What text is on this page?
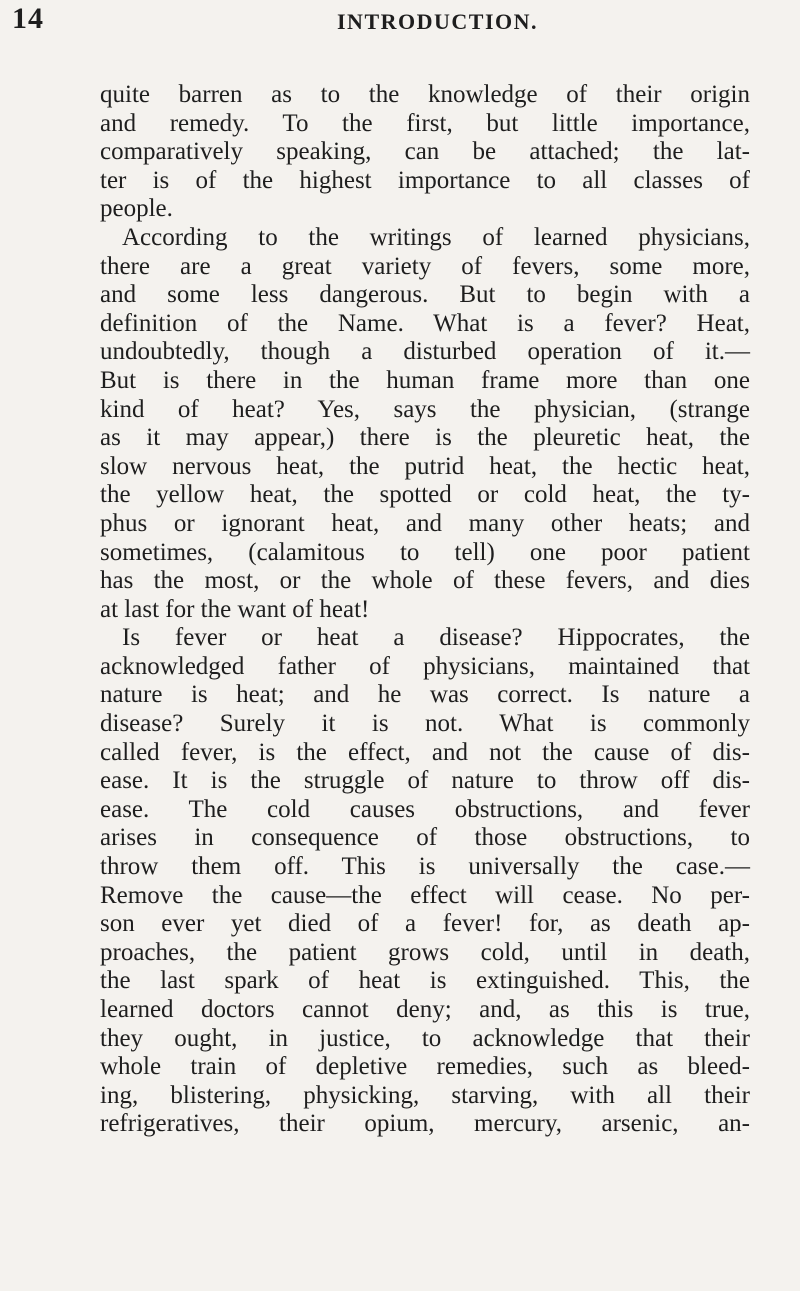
14	INTRODUCTION.
quite barren as to the knowledge of their origin
and remedy. To the first, but little importance,
comparatively speaking, can be attached; the lat-
ter is of the highest importance to all classes of
people.
According to the writings of learned physicians,
there are a great variety of fevers, some more,
and some less dangerous. But to begin with a
definition of the Name. What is a fever? Heat,
undoubtedly, though a disturbed operation of it.—
But is there in the human frame more than one
kind of heat? Yes, says the physician, (strange
as it may appear,) there is the pleuretic heat, the
slow nervous heat, the putrid heat, the hectic heat,
the yellow heat, the spotted or cold heat, the ty-
phus or ignorant heat, and many other heats; and
sometimes, (calamitous to tell) one poor patient
has the most, or the whole of these fevers, and dies
at last for the want of heat!
Is fever or heat a disease? Hippocrates, the
acknowledged father of physicians, maintained that
nature is heat; and he was correct. Is nature a
disease? Surely it is not. What is commonly
called fever, is the effect, and not the cause of dis-
ease. It is the struggle of nature to throw off dis-
ease. The cold causes obstructions, and fever
arises in consequence of those obstructions, to
throw them off. This is universally the case.—
Remove the cause—the effect will cease. No per-
son ever yet died of a fever! for, as death ap-
proaches, the patient grows cold, until in death,
the last spark of heat is extinguished. This, the
learned doctors cannot deny; and, as this is true,
they ought, in justice, to acknowledge that their
whole train of depletive remedies, such as bleed-
ing, blistering, physicking, starving, with all their
refrigeratives, their opium, mercury, arsenic, an-
